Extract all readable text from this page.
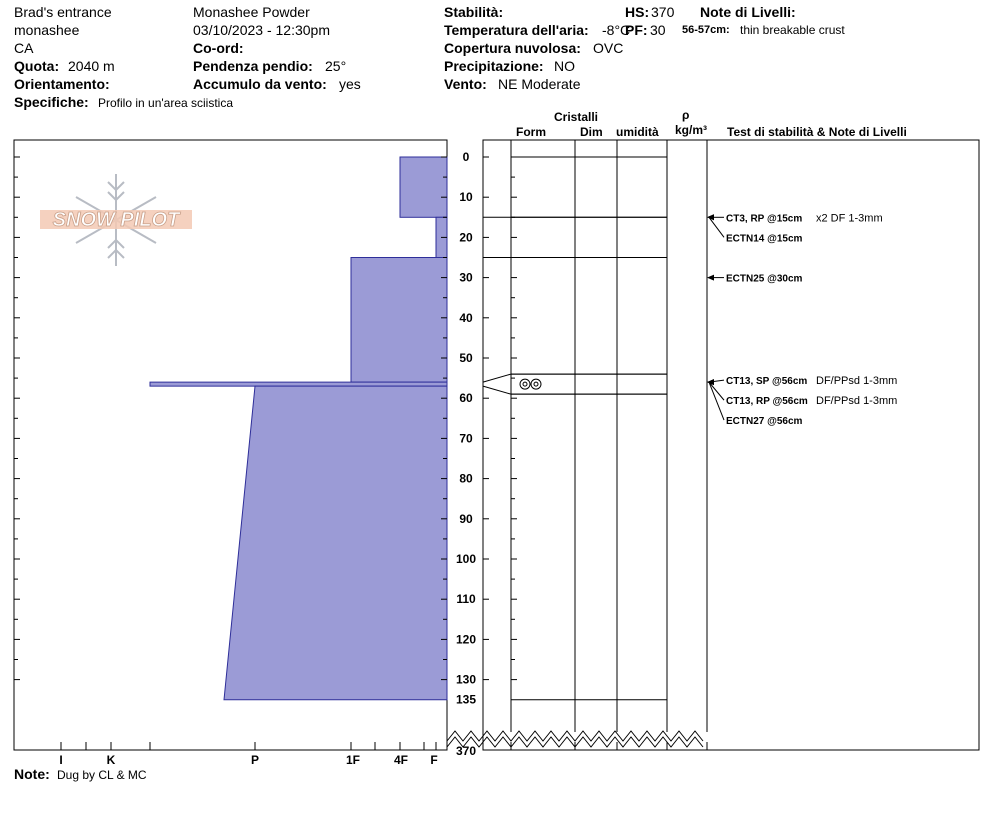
Brad's entrance
monashee
CA
Quota: 2040 m
Orientamento:
Specifiche: Profilo in un'area sciistica
Monashee Powder
03/10/2023 - 12:30pm
Co-ord:
Pendenza pendio: 25°
Accumulo da vento: yes
Stabilità:
Temperatura dell'aria: -8°C
Copertura nuvolosa: OVC
Precipitazione: NO
Vento: NE Moderate
HS: 370
PF: 30
Note di Livelli:
56-57cm: thin breakable crust
Cristalli
Form	Dim umidità
ρ
kg/m³ Test di stabilità & Note di Livelli
SNOW PILOT
0
10
20
30
40
50
60
70
80
90
100
110
120
130
135
370
I	K	P	1F	4F F
CT3, RP @15cm x2 DF 1-3mm
ECTN14 @15cm
ECTN25 @30cm
CT13, SP @56cm DF/PPsd 1-3mm
CT13, RP @56cm DF/PPsd 1-3mm
ECTN27 @56cm
Note: Dug by CL & MC
